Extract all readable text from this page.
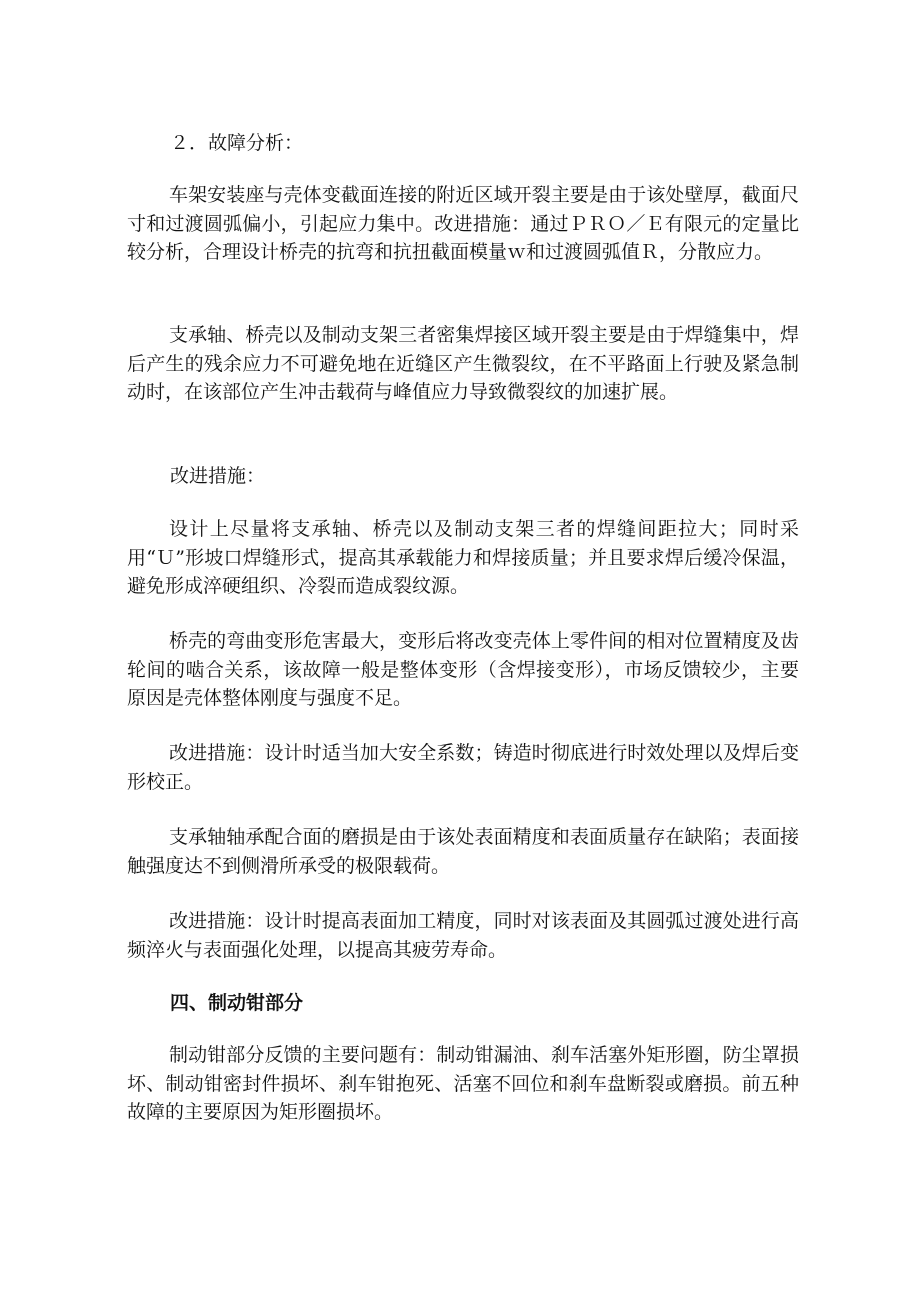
２．故障分析：

车架安装座与壳体变截面连接的附近区域开裂主要是由于该处壁厚，截面尺寸和过渡圆弧偏小，引起应力集中。改进措施：通过ＰＲＯ／Ｅ有限元的定量比较分析，合理设计桥壳的抗弯和抗扭截面模量ｗ和过渡圆弧值Ｒ，分散应力。

支承轴、桥壳以及制动支架三者密集焊接区域开裂主要是由于焊缝集中，焊后产生的残余应力不可避免地在近缝区产生微裂纹，在不平路面上行驶及紧急制动时，在该部位产生冲击载荷与峰值应力导致微裂纹的加速扩展。

改进措施：

设计上尽量将支承轴、桥壳以及制动支架三者的焊缝间距拉大；同时采用“Ｕ”形坡口焊缝形式，提高其承载能力和焊接质量；并且要求焊后缓冷保温，避免形成淬硬组织、冷裂而造成裂纹源。

桥壳的弯曲变形危害最大，变形后将改变壳体上零件间的相对位置精度及齿轮间的啮合关系，该故障一般是整体变形（含焊接变形），市场反馈较少，主要原因是壳体整体刚度与强度不足。

改进措施：设计时适当加大安全系数；铸造时彻底进行时效处理以及焊后变形校正。

支承轴轴承配合面的磨损是由于该处表面精度和表面质量存在缺陷；表面接触强度达不到侧滑所承受的极限载荷。

改进措施：设计时提高表面加工精度，同时对该表面及其圆弧过渡处进行高频淬火与表面强化处理，以提高其疲劳寿命。

四、制动钳部分

制动钳部分反馈的主要问题有：制动钳漏油、刹车活塞外矩形圈，防尘罩损坏、制动钳密封件损坏、刹车钳抱死、活塞不回位和刹车盘断裂或磨损。前五种故障的主要原因为矩形圈损坏。
